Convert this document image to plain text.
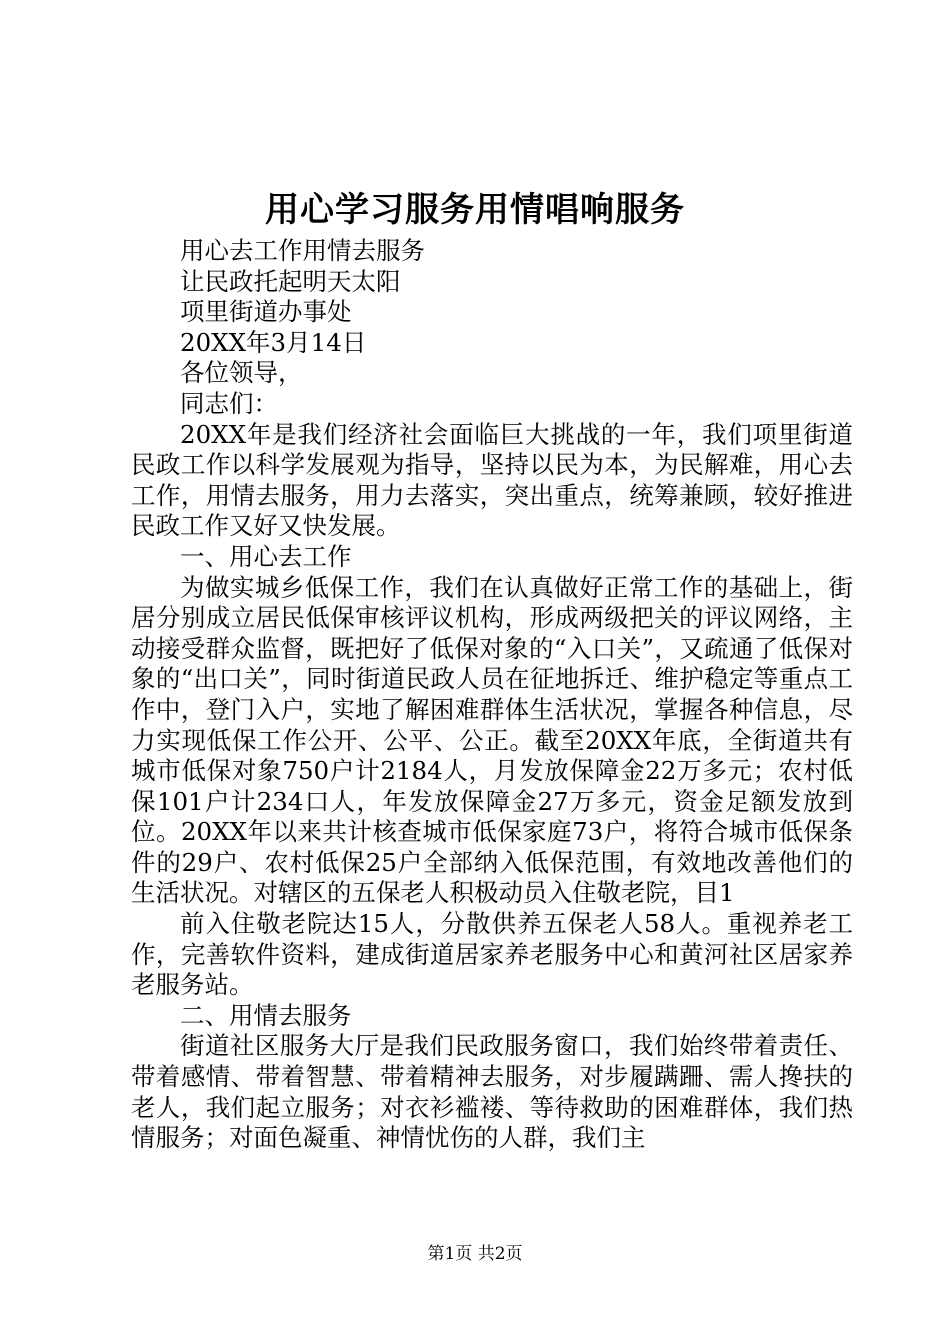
用心学习服务用情唱响服务

用心去工作用情去服务

让民政托起明天太阳

项里街道办事处

20XX年3月14日

各位领导，

同志们：

20XX年是我们经济社会面临巨大挑战的一年，我们项里街道民政工作以科学发展观为指导，坚持以民为本，为民解难，用心去工作，用情去服务，用力去落实，突出重点，统筹兼顾，较好推进民政工作又好又快发展。

一、用心去工作

为做实城乡低保工作，我们在认真做好正常工作的基础上，街居分别成立居民低保审核评议机构，形成两级把关的评议网络，主动接受群众监督，既把好了低保对象的“入口关”，又疏通了低保对象的“出口关”，同时街道民政人员在征地拆迁、维护稳定等重点工作中，登门入户，实地了解困难群体生活状况，掌握各种信息，尽力实现低保工作公开、公平、公正。截至20XX年底，全街道共有城市低保对象750户计2184人，月发放保障金22万多元；农村低保101户计234口人，年发放保障金27万多元，资金足额发放到位。20XX年以来共计核查城市低保家庭73户，将符合城市低保条件的29户、农村低保25户全部纳入低保范围，有效地改善他们的生活状况。对辖区的五保老人积极动员入住敬老院，目1

前入住敬老院达15人，分散供养五保老人58人。重视养老工作，完善软件资料，建成街道居家养老服务中心和黄河社区居家养老服务站。

二、用情去服务

街道社区服务大厅是我们民政服务窗口，我们始终带着责任、带着感情、带着智慧、带着精神去服务，对步履蹒跚、需人搀扶的老人，我们起立服务；对衣衫褴褛、等待救助的困难群体，我们热情服务；对面色凝重、神情忧伤的人群，我们主

第1页 共2页
